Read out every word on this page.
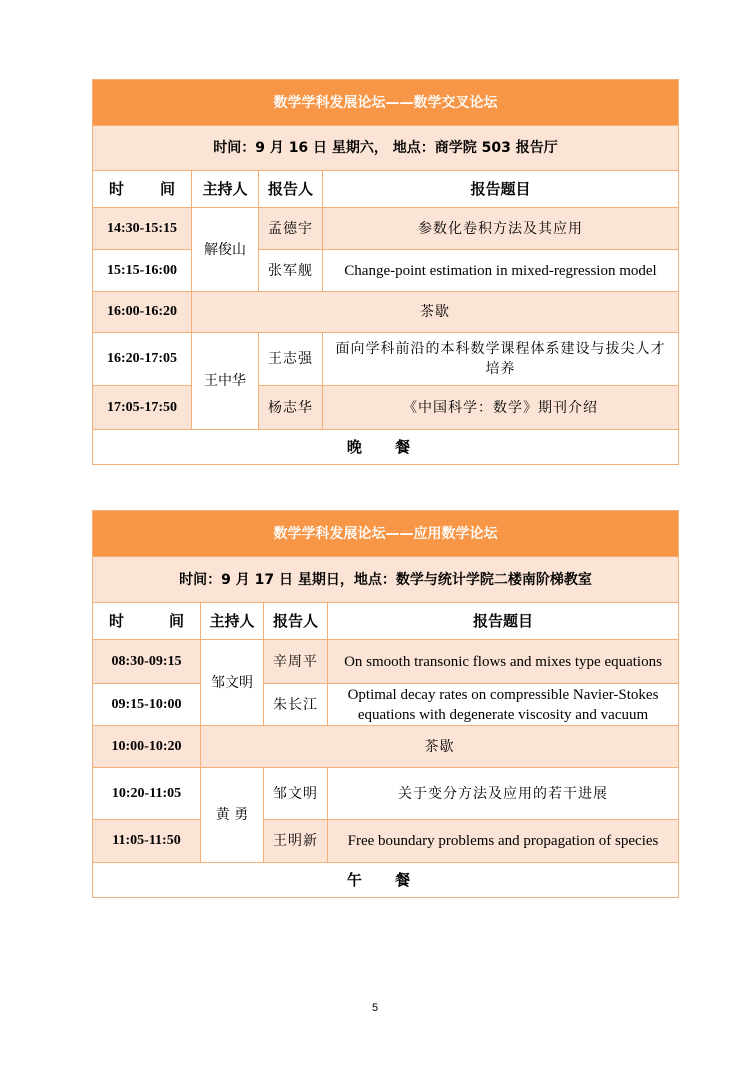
数学学科发展论坛——数学交叉论坛			
时间：9 月 16 日 星期六， 地点：商学院 503 报告厅			

时 间	主持人	报告人	报告题目
14:30-15:15	解俊山	孟德宇	参数化卷积方法及其应用
15:15-16:00		张军舰	Change-point estimation in mixed-regression model
16:00-16:20	茶歇		
16:20-17:05	王中华	王志强	面向学科前沿的本科数学课程体系建设与拔尖人才培养
17:05-17:50		杨志华	《中国科学：数学》期刊介绍
晚 餐			
数学学科发展论坛——应用数学论坛			
时间：9 月 17 日 星期日，地点：数学与统计学院二楼南阶梯教室			

时 间	主持人	报告人	报告题目
08:30-09:15	邹文明	辛周平	On smooth transonic flows and mixes type equations
09:15-10:00		朱长江	Optimal decay rates on compressible Navier-Stokes equations with degenerate viscosity and vacuum
10:00-10:20	茶歇		
10:20-11:05	黄 勇	邹文明	关于变分方法及应用的若干进展
11:05-11:50		王明新	Free boundary problems and propagation of species
午 餐			
5
